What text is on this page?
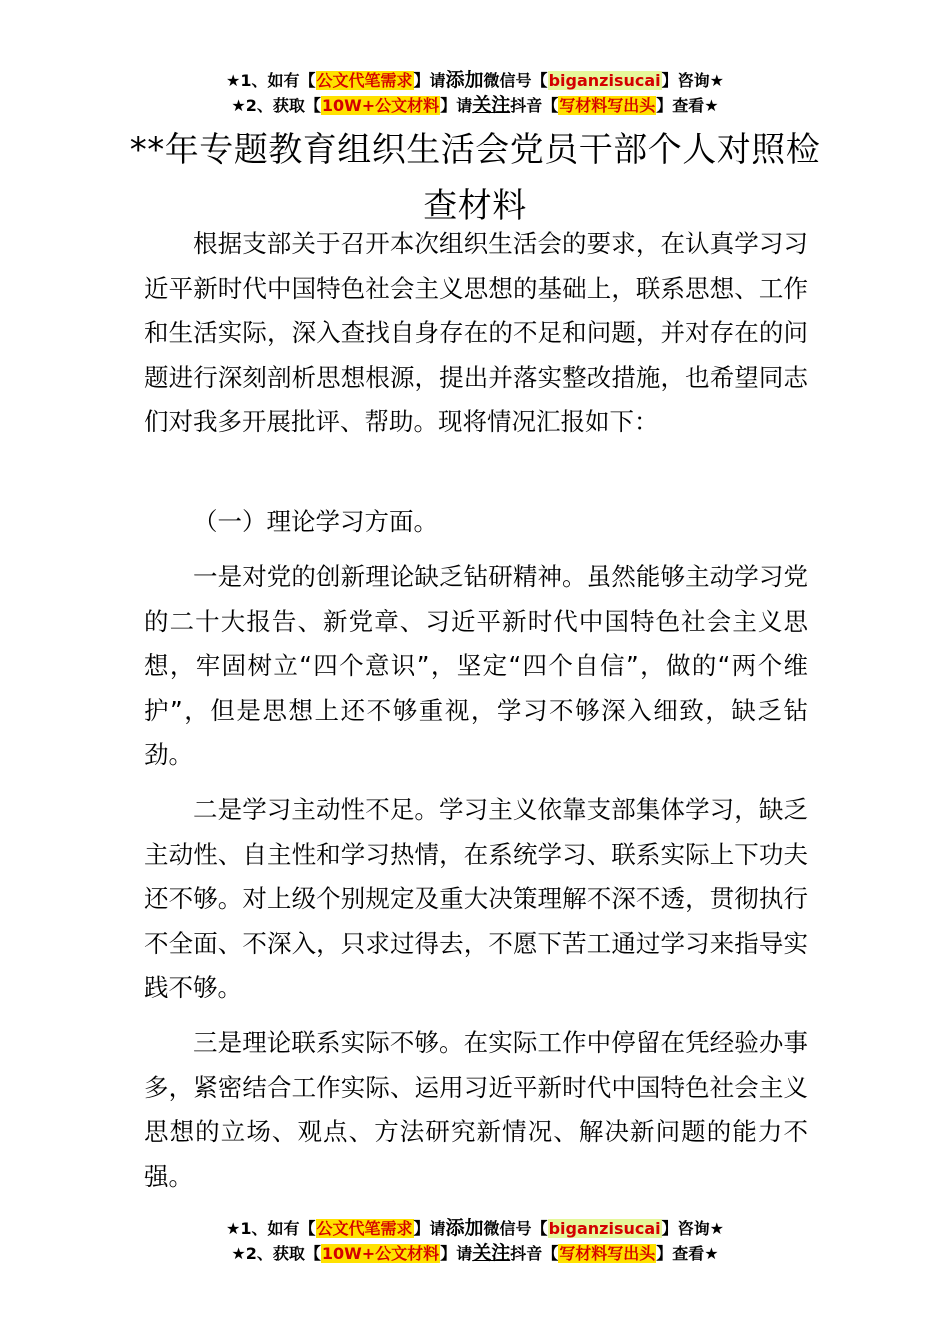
★1、如有【公文代笔需求】请添加微信号【biganzisucai】咨询★
★2、获取【10W+公文材料】请关注抖音【写材料写出头】查看★
**年专题教育组织生活会党员干部个人对照检查材料

根据支部关于召开本次组织生活会的要求，在认真学习习近平新时代中国特色社会主义思想的基础上，联系思想、工作和生活实际，深入查找自身存在的不足和问题，并对存在的问题进行深刻剖析思想根源，提出并落实整改措施，也希望同志们对我多开展批评、帮助。现将情况汇报如下：

（一）理论学习方面。

一是对党的创新理论缺乏钻研精神。虽然能够主动学习党的二十大报告、新党章、习近平新时代中国特色社会主义思想，牢固树立“四个意识”，坚定“四个自信”，做的“两个维护”，但是思想上还不够重视，学习不够深入细致，缺乏钻劲。

二是学习主动性不足。学习主义依靠支部集体学习，缺乏主动性、自主性和学习热情，在系统学习、联系实际上下功夫还不够。对上级个别规定及重大决策理解不深不透，贯彻执行不全面、不深入，只求过得去，不愿下苦工通过学习来指导实践不够。

三是理论联系实际不够。在实际工作中停留在凭经验办事多，紧密结合工作实际、运用习近平新时代中国特色社会主义思想的立场、观点、方法研究新情况、解决新问题的能力不强。

★1、如有【公文代笔需求】请添加微信号【biganzisucai】咨询★
★2、获取【10W+公文材料】请关注抖音【写材料写出头】查看★
